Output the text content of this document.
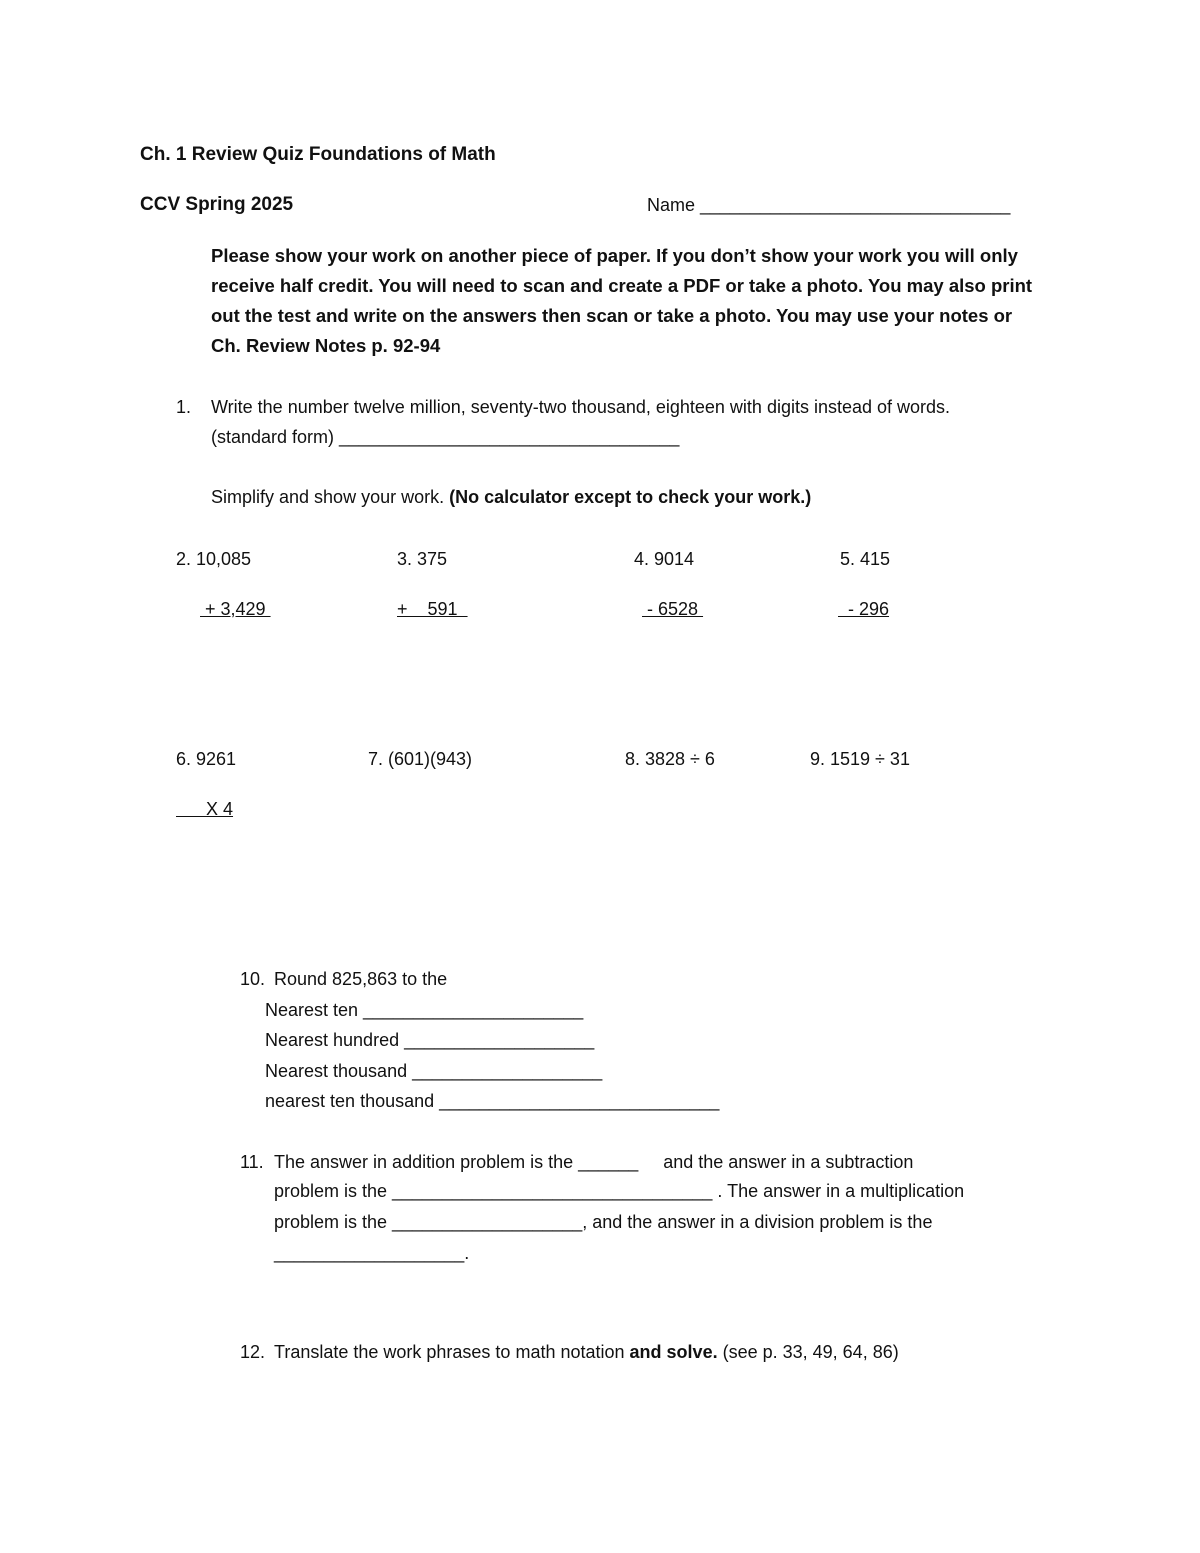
Ch. 1 Review Quiz Foundations of Math
CCV Spring 2025	Name _______________________________
Please show your work on another piece of paper. If you don’t show your work you will only
receive half credit. You will need to scan and create a PDF or take a photo. You may also print
out the test and write on the answers then scan or take a photo. You may use your notes or
Ch. Review Notes p. 92-94
1. Write the number twelve million, seventy-two thousand, eighteen with digits instead of words.
(standard form) __________________________________
Simplify and show your work. (No calculator except to check your work.)
2. 10,085
+ 3,429
3. 375
+    591
4. 9014
- 6528
5. 415
- 296
6. 9261
X 4
7. (601)(943)	8. 3828 ÷ 6	9. 1519 ÷ 31
10. Round 825,863 to the
Nearest ten ______________________
Nearest hundred ___________________
Nearest thousand ___________________
nearest ten thousand ____________________________
11. The answer in addition problem is the ______     and the answer in a subtraction
problem is the ________________________________ . The answer in a multiplication
problem is the ___________________, and the answer in a division problem is the
___________________.
12. Translate the work phrases to math notation and solve. (see p. 33, 49, 64, 86)
